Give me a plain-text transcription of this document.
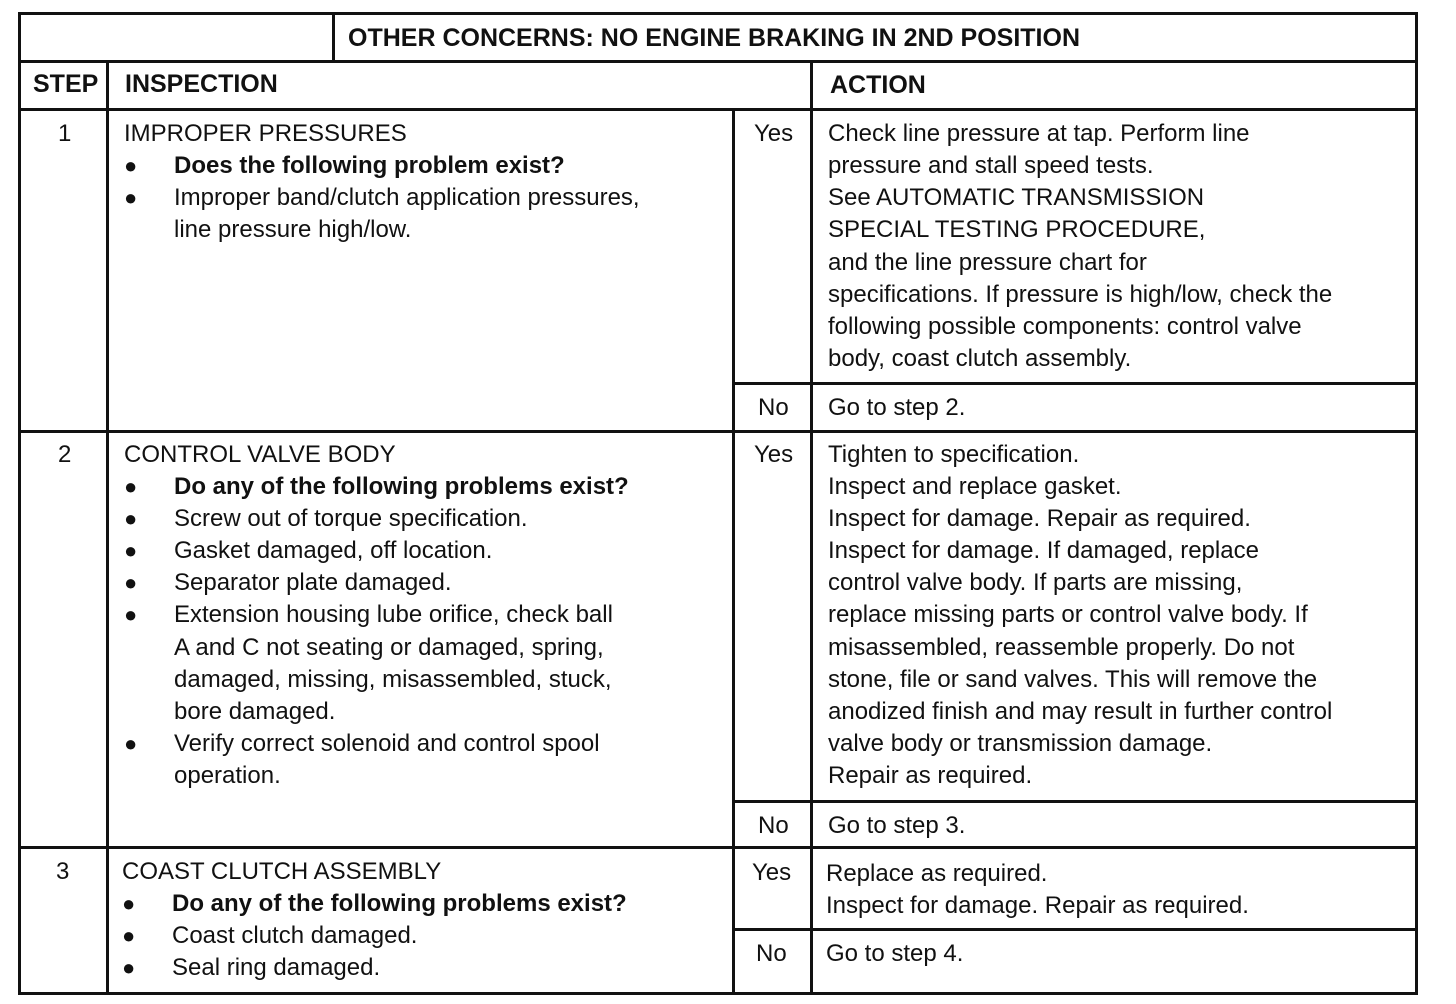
OTHER CONCERNS: NO ENGINE BRAKING IN 2ND POSITION
STEP INSPECTION	ACTION
1 IMPROPER PRESSURES
● Does the following problem exist?
● Improper band/clutch application pressures,
line pressure high/low.
Yes Check line pressure at tap. Perform line
pressure and stall speed tests.
See AUTOMATIC TRANSMISSION
SPECIAL TESTING PROCEDURE,
and the line pressure chart for
specifications. If pressure is high/low, check the
following possible components: control valve
body, coast clutch assembly.
No Go to step 2.
2 CONTROL VALVE BODY
● Do any of the following problems exist?
● Screw out of torque specification.
● Gasket damaged, off location.
● Separator plate damaged.
● Extension housing lube orifice, check ball
A and C not seating or damaged, spring,
damaged, missing, misassembled, stuck,
bore damaged.
● Verify correct solenoid and control spool
operation.
Yes Tighten to specification.
Inspect and replace gasket.
Inspect for damage. Repair as required.
Inspect for damage. If damaged, replace
control valve body. If parts are missing,
replace missing parts or control valve body. If
misassembled, reassemble properly. Do not
stone, file or sand valves. This will remove the
anodized finish and may result in further control
valve body or transmission damage.
Repair as required.
No Go to step 3.
3 COAST CLUTCH ASSEMBLY
● Do any of the following problems exist?
● Coast clutch damaged.
● Seal ring damaged.
Yes Replace as required.
Inspect for damage. Repair as required.
No Go to step 4.
